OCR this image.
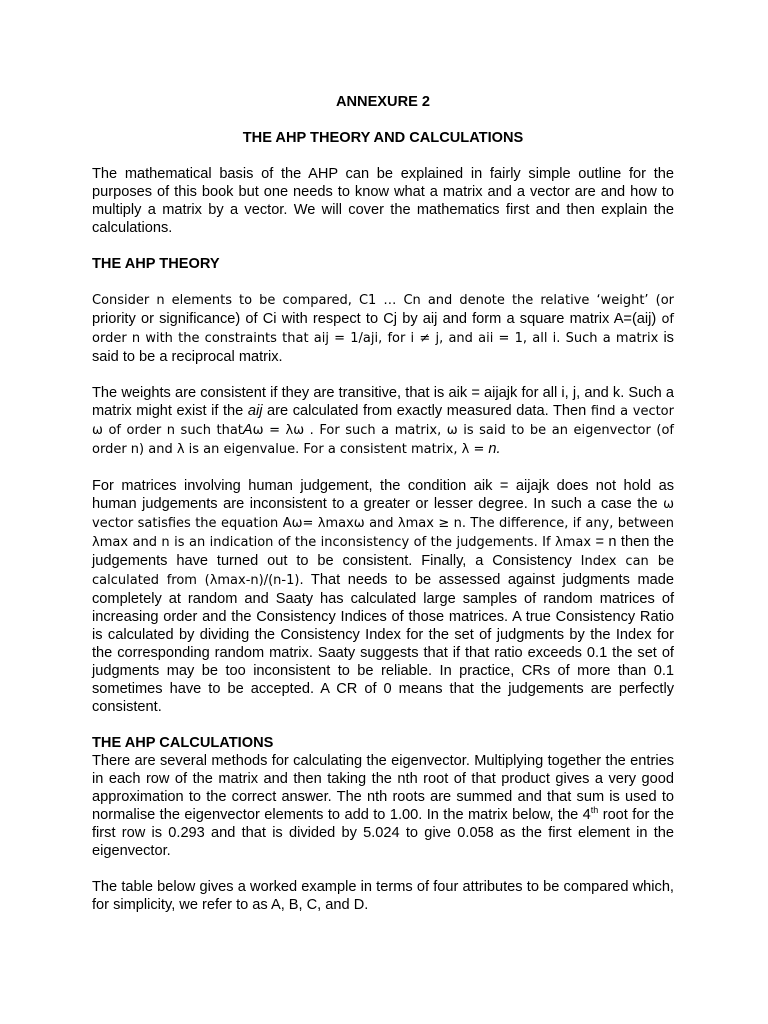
ANNEXURE 2
THE AHP THEORY AND CALCULATIONS

The mathematical basis of the AHP can be explained in fairly simple outline for the purposes of this book but one needs to know what a matrix and a vector are and how to multiply a matrix by a vector. We will cover the mathematics first and then explain the calculations.

THE AHP THEORY

Consider n elements to be compared, C1 … Cn and denote the relative ‘weight’ (or priority or significance) of Ci with respect to Cj by aij and form a square matrix A=(aij) of order n with the constraints that aij = 1/aji, for i ≠ j, and aii = 1, all i. Such a matrix is said to be a reciprocal matrix.

The weights are consistent if they are transitive, that is aik = aijajk for all i, j, and k. Such a matrix might exist if the aij are calculated from exactly measured data. Then find a vector ω of order n such thatAω = λω . For such a matrix, ω is said to be an eigenvector (of order n) and λ is an eigenvalue. For a consistent matrix, λ = n.

For matrices involving human judgement, the condition aik = aijajk does not hold as human judgements are inconsistent to a greater or lesser degree. In such a case the ω vector satisfies the equation Aω= λmaxω and λmax ≥ n. The difference, if any, between λmax and n is an indication of the inconsistency of the judgements. If λmax = n then the judgements have turned out to be consistent. Finally, a Consistency Index can be calculated from (λmax-n)/(n-1). That needs to be assessed against judgments made completely at random and Saaty has calculated large samples of random matrices of increasing order and the Consistency Indices of those matrices. A true Consistency Ratio is calculated by dividing the Consistency Index for the set of judgments by the Index for the corresponding random matrix. Saaty suggests that if that ratio exceeds 0.1 the set of judgments may be too inconsistent to be reliable. In practice, CRs of more than 0.1 sometimes have to be accepted. A CR of 0 means that the judgements are perfectly consistent.

THE AHP CALCULATIONS

There are several methods for calculating the eigenvector. Multiplying together the entries in each row of the matrix and then taking the nth root of that product gives a very good approximation to the correct answer. The nth roots are summed and that sum is used to normalise the eigenvector elements to add to 1.00. In the matrix below, the 4th root for the first row is 0.293 and that is divided by 5.024 to give 0.058 as the first element in the eigenvector.

The table below gives a worked example in terms of four attributes to be compared which, for simplicity, we refer to as A, B, C, and D.
